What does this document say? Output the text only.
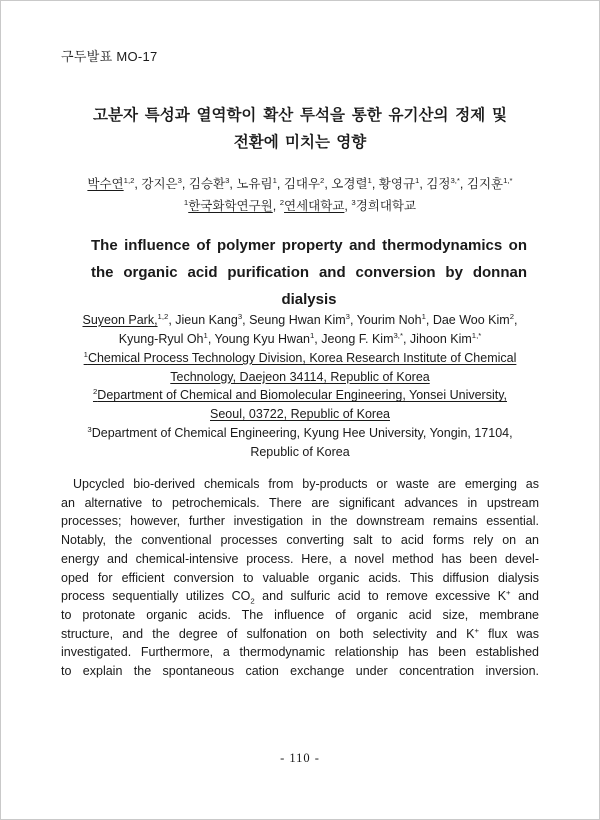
구두발표 MO-17
고분자 특성과 열역학이 확산 투석을 통한 유기산의 정제 및
전환에 미치는 영향
박수연$^{1,2}$, 강지은$^3$, 김승환$^3$, 노유림$^1$, 김대우$^2$, 오경렬$^1$, 황영규$^1$, 김정$^{3,*}$, 김지훈$^{1,*}$
$^1$한국화학연구원, $^2$연세대학교, $^3$경희대학교
The influence of polymer property and thermodynamics on
the organic acid purification and conversion by donnan
dialysis
Suyeon Park,$^{1,2}$, Jieun Kang$^3$, Seung Hwan Kim$^3$, Yourim Noh$^1$, Dae Woo Kim$^2$,
Kyung-Ryul Oh$^1$, Young Kyu Hwan$^1$, Jeong F. Kim$^{3,*}$, Jihoon Kim$^{1,*}$
$^1$Chemical Process Technology Division, Korea Research Institute of Chemical
Technology, Daejeon 34114, Republic of Korea
$^2$Department of Chemical and Biomolecular Engineering, Yonsei University,
Seoul, 03722, Republic of Korea
$^3$Department of Chemical Engineering, Kyung Hee University, Yongin, 17104,
Republic of Korea
Upcycled bio-derived chemicals from by-products or waste are emerging as
an alternative to petrochemicals. There are significant advances in upstream
processes; however, further investigation in the downstream remains essential.
Notably, the conventional processes converting salt to acid forms rely on an
energy and chemical-intensive process. Here, a novel method has been devel-
oped for efficient conversion to valuable organic acids. This diffusion dialysis
process sequentially utilizes $CO_2$ and sulfuric acid to remove excessive K+ and
to protonate organic acids. The influence of organic acid size, membrane
structure, and the degree of sulfonation on both selectivity and K+ flux was
investigated. Furthermore, a thermodynamic relationship has been established
to explain the spontaneous cation exchange under concentration inversion.
- 110 -
